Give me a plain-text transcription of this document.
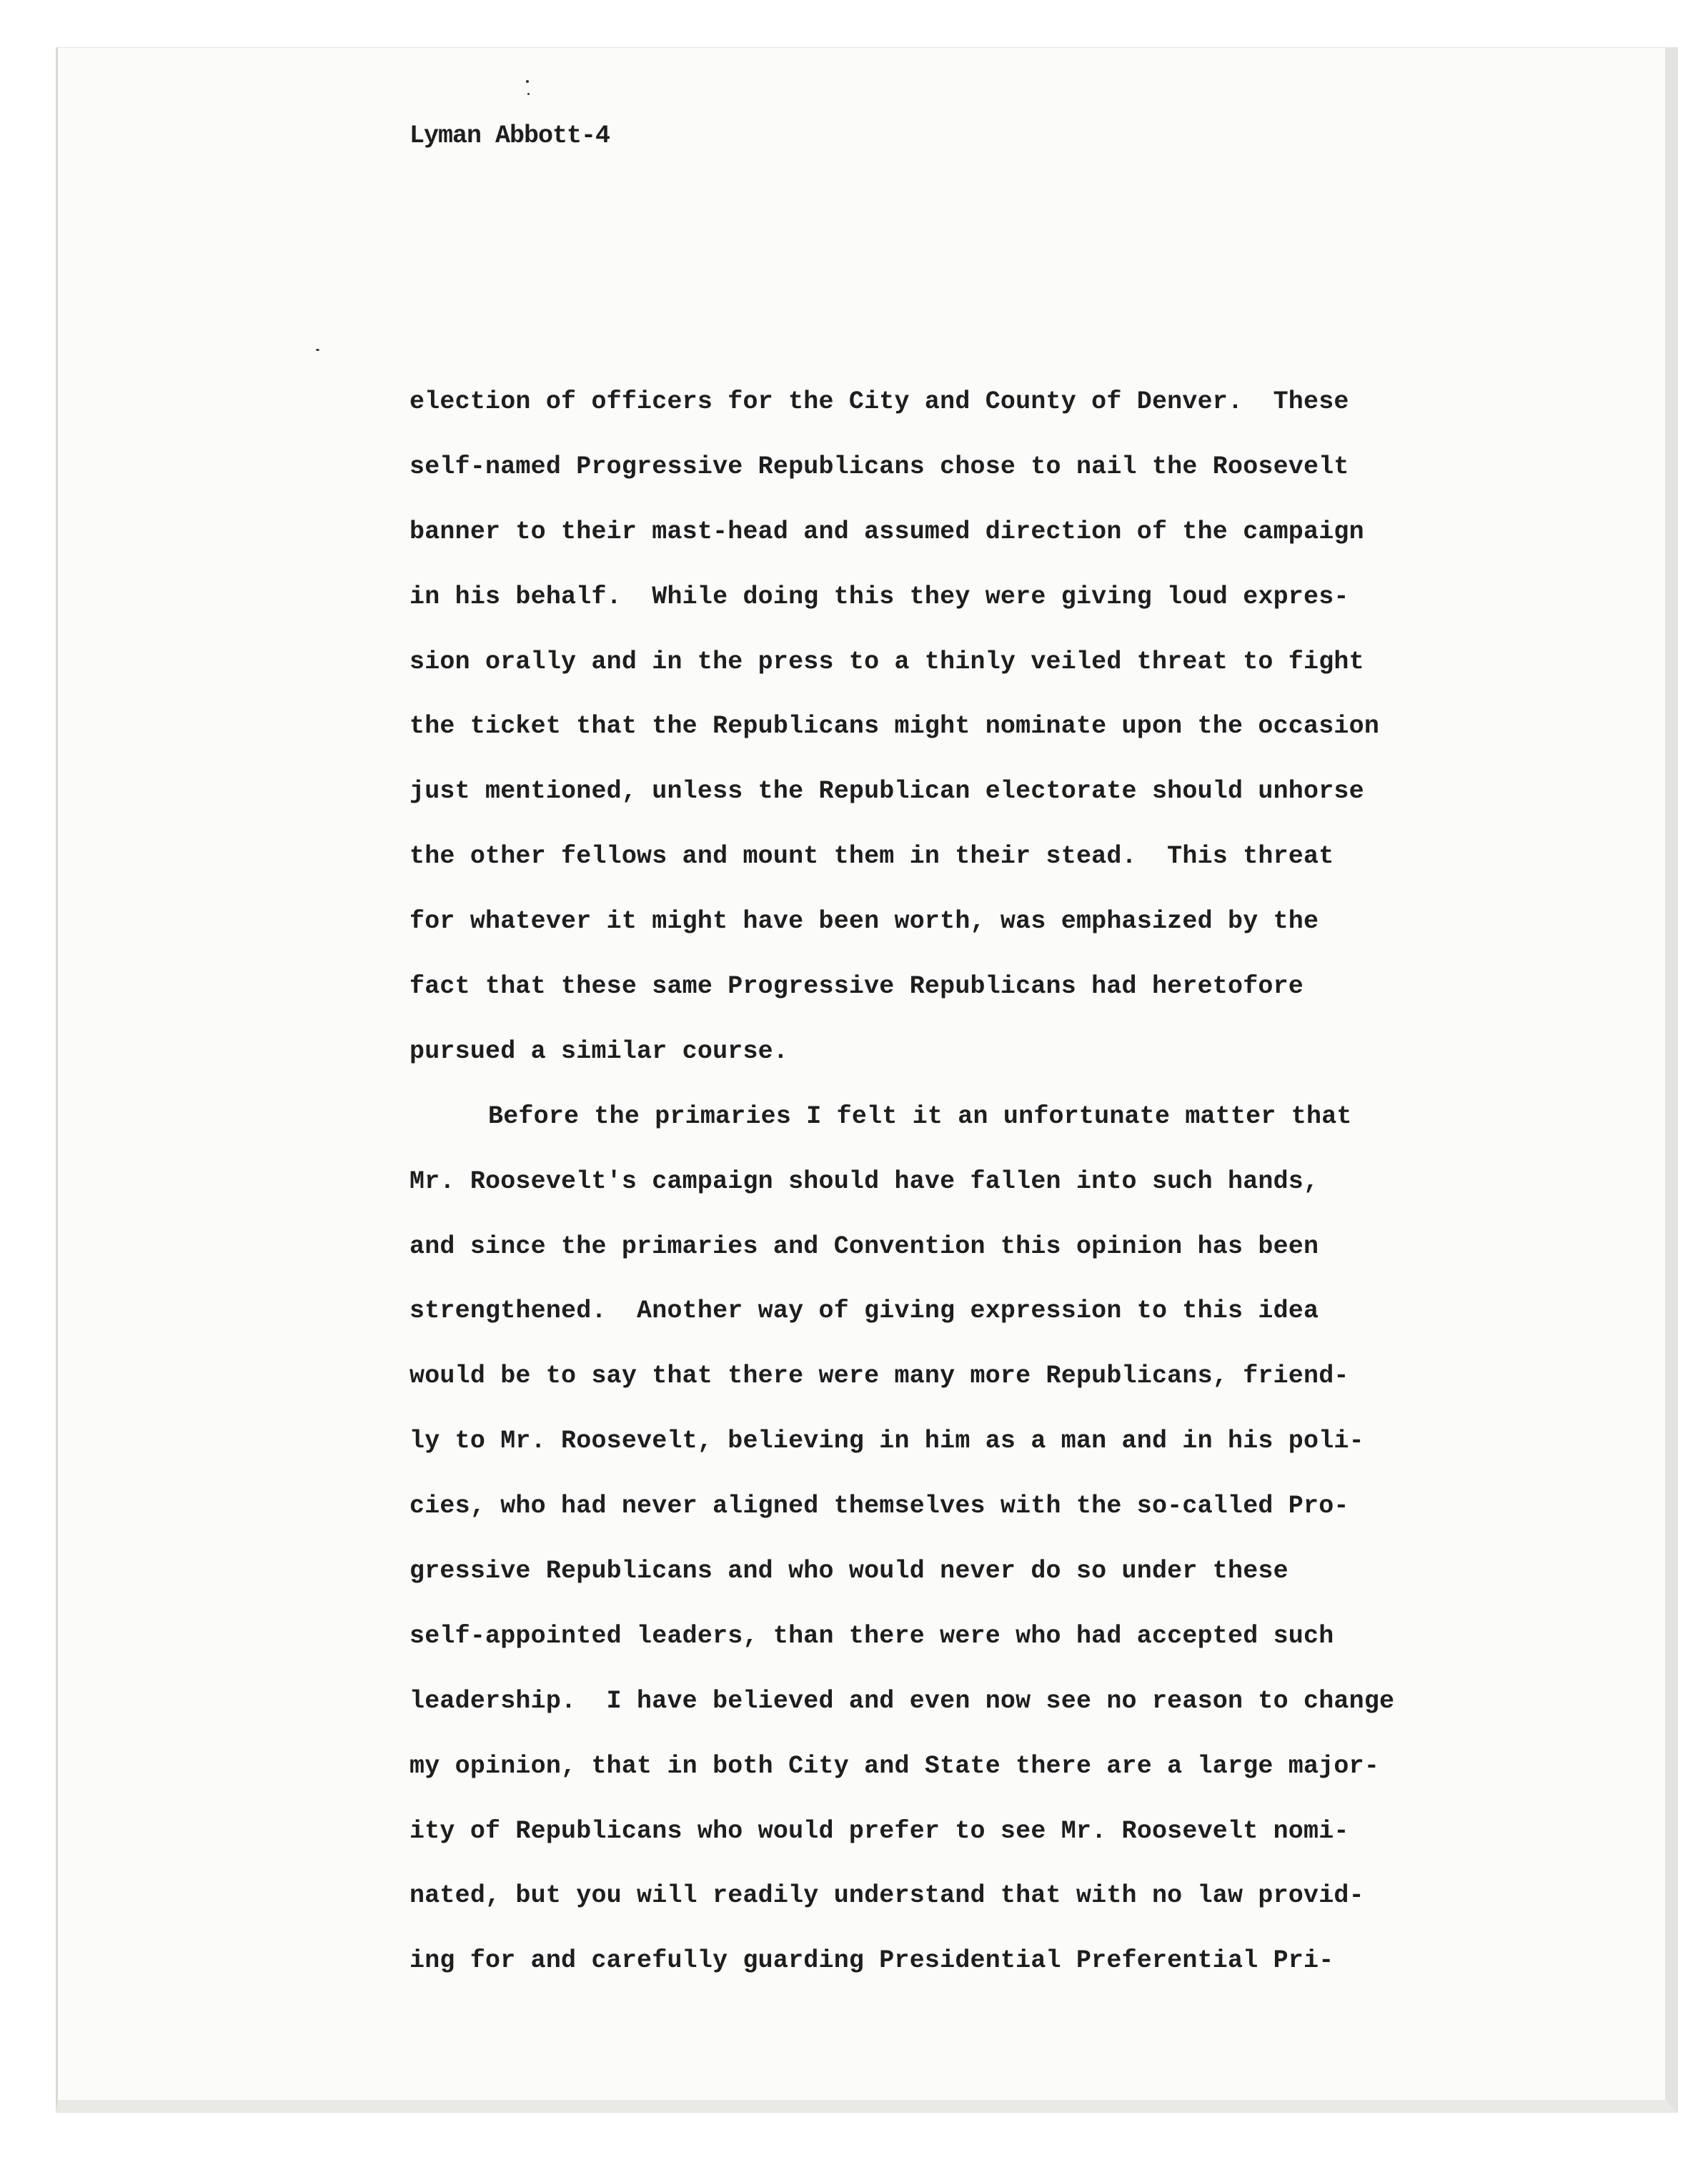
Lyman Abbott-4
election of officers for the City and County of Denver.  These
self-named Progressive Republicans chose to nail the Roosevelt
banner to their mast-head and assumed direction of the campaign
in his behalf.  While doing this they were giving loud expres-
sion orally and in the press to a thinly veiled threat to fight
the ticket that the Republicans might nominate upon the occasion
just mentioned, unless the Republican electorate should unhorse
the other fellows and mount them in their stead.  This threat
for whatever it might have been worth, was emphasized by the
fact that these same Progressive Republicans had heretofore
pursued a similar course.
Before the primaries I felt it an unfortunate matter that
Mr. Roosevelt's campaign should have fallen into such hands,
and since the primaries and Convention this opinion has been
strengthened.  Another way of giving expression to this idea
would be to say that there were many more Republicans, friend-
ly to Mr. Roosevelt, believing in him as a man and in his poli-
cies, who had never aligned themselves with the so-called Pro-
gressive Republicans and who would never do so under these
self-appointed leaders, than there were who had accepted such
leadership.  I have believed and even now see no reason to change
my opinion, that in both City and State there are a large major-
ity of Republicans who would prefer to see Mr. Roosevelt nomi-
nated, but you will readily understand that with no law provid-
ing for and carefully guarding Presidential Preferential Pri-
